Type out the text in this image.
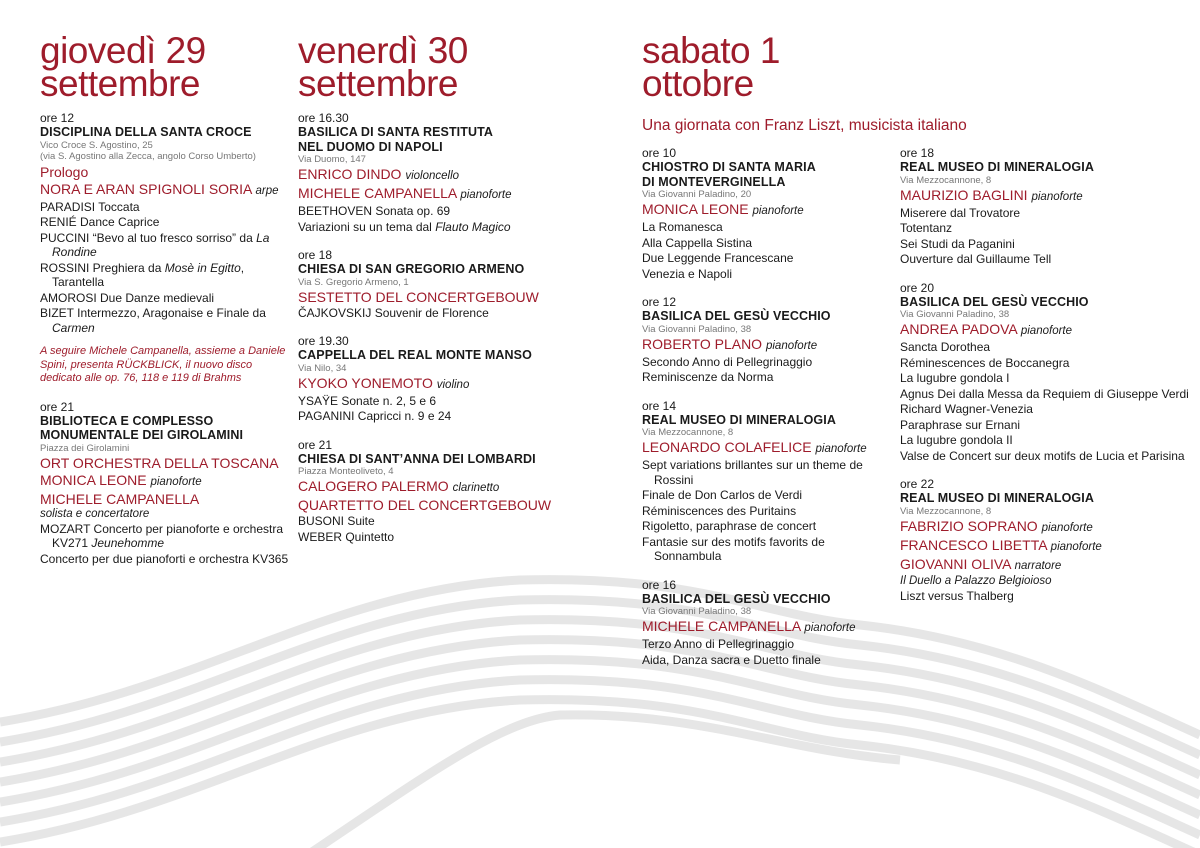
giovedì 29
settembre
ore 12
DISCIPLINA DELLA SANTA CROCE
Vico Croce S. Agostino, 25
(via S. Agostino alla Zecca, angolo Corso Umberto)
Prologo
NORA E ARAN SPIGNOLI SORIA arpe
PARADISI Toccata
RENIÉ Dance Caprice
PUCCINI “Bevo al tuo fresco sorriso” da La Rondine
ROSSINI Preghiera da Mosè in Egitto, Tarantella
AMOROSI Due Danze medievali
BIZET Intermezzo, Aragonaise e Finale da Carmen
A seguire Michele Campanella, assieme a Daniele Spini, presenta RÜCKBLICK, il nuovo disco dedicato alle op. 76, 118 e 119 di Brahms
ore 21
BIBLIOTECA E COMPLESSO
MONUMENTALE DEI GIROLAMINI
Piazza dei Girolamini
ORT ORCHESTRA DELLA TOSCANA
MONICA LEONE pianoforte
MICHELE CAMPANELLA
solista e concertatore
MOZART Concerto per pianoforte e orchestra KV271 Jeunehomme
Concerto per due pianoforti e orchestra KV365
venerdì 30
settembre
ore 16.30
BASILICA DI SANTA RESTITUTA
NEL DUOMO DI NAPOLI
Via Duomo, 147
ENRICO DINDO violoncello
MICHELE CAMPANELLA pianoforte
BEETHOVEN Sonata op. 69
Variazioni su un tema dal Flauto Magico
ore 18
CHIESA DI SAN GREGORIO ARMENO
Via S. Gregorio Armeno, 1
SESTETTO DEL CONCERTGEBOUW
ČAJKOVSKIJ Souvenir de Florence
ore 19.30
CAPPELLA DEL REAL MONTE MANSO
Via Nilo, 34
KYOKO YONEMOTO violino
YSAŸE Sonate n. 2, 5 e 6
PAGANINI Capricci n. 9 e 24
ore 21
CHIESA DI SANT’ANNA DEI LOMBARDI
Piazza Monteoliveto, 4
CALOGERO PALERMO clarinetto
QUARTETTO DEL CONCERTGEBOUW
BUSONI Suite
WEBER Quintetto
sabato 1
ottobre
Una giornata con Franz Liszt, musicista italiano
ore 10
CHIOSTRO DI SANTA MARIA
DI MONTEVERGINELLA
Via Giovanni Paladino, 20
MONICA LEONE pianoforte
La Romanesca
Alla Cappella Sistina
Due Leggende Francescane
Venezia e Napoli
ore 12
BASILICA DEL GESÙ VECCHIO
Via Giovanni Paladino, 38
ROBERTO PLANO pianoforte
Secondo Anno di Pellegrinaggio
Reminiscenze da Norma
ore 14
REAL MUSEO DI MINERALOGIA
Via Mezzocannone, 8
LEONARDO COLAFELICE pianoforte
Sept variations brillantes sur un theme de Rossini
Finale de Don Carlos de Verdi
Réminiscences des Puritains
Rigoletto, paraphrase de concert
Fantasie sur des motifs favorits de Sonnambula
ore 16
BASILICA DEL GESÙ VECCHIO
Via Giovanni Paladino, 38
MICHELE CAMPANELLA pianoforte
Terzo Anno di Pellegrinaggio
Aida, Danza sacra e Duetto finale
ore 18
REAL MUSEO DI MINERALOGIA
Via Mezzocannone, 8
MAURIZIO BAGLINI pianoforte
Miserere dal Trovatore
Totentanz
Sei Studi da Paganini
Ouverture dal Guillaume Tell
ore 20
BASILICA DEL GESÙ VECCHIO
Via Giovanni Paladino, 38
ANDREA PADOVA pianoforte
Sancta Dorothea
Réminescences de Boccanegra
La lugubre gondola I
Agnus Dei dalla Messa da Requiem di Giuseppe Verdi
Richard Wagner-Venezia
Paraphrase sur Ernani
La lugubre gondola II
Valse de Concert sur deux motifs de Lucia et Parisina
ore 22
REAL MUSEO DI MINERALOGIA
Via Mezzocannone, 8
FABRIZIO SOPRANO pianoforte
FRANCESCO LIBETTA pianoforte
GIOVANNI OLIVA narratore
Il Duello a Palazzo Belgioioso
Liszt versus Thalberg
